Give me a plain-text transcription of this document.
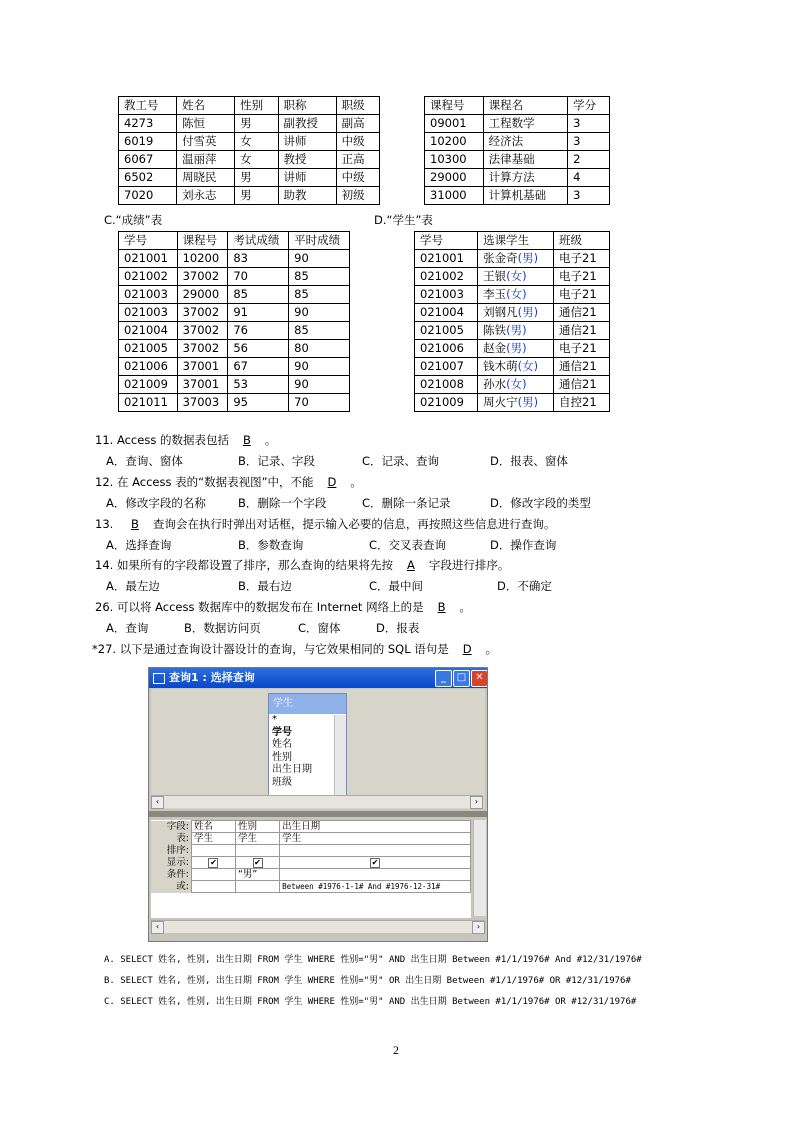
教工号	姓名	性别	职称	职级
4273	陈恒	男	副教授	副高
6019	付雪英	女	讲师	中级
6067	温丽萍	女	教授	正高
6502	周晓民	男	讲师	中级
7020	刘永志	男	助教	初级
课程号	课程名	学分
09001	工程数学	3
10200	经济法	3
10300	法律基础	2
29000	计算方法	4
31000	计算机基础	3
C.“成绩”表	D.“学生”表
学号	课程号	考试成绩	平时成绩
021001	10200	83	90
021002	37002	70	85
021003	29000	85	85
021003	37002	91	90
021004	37002	76	85
021005	37002	56	80
021006	37001	67	90
021009	37001	53	90
021011	37003	95	70
学号	选课学生	班级
021001	张金奇(男)	电子21
021002	王银(女)	电子21
021003	李玉(女)	电子21
021004	刘钢凡(男)	通信21
021005	陈铁(男)	通信21
021006	赵金(男)	电子21
021007	钱木萌(女)	通信21
021008	孙水(女)	通信21
021009	周火宁(男)	自控21
11. Access 的数据表包括 B 。
A．查询、窗体	B．记录、字段	C．记录、查询	D．报表、窗体
12. 在 Access 表的“数据表视图”中，不能 D 。
A．修改字段的名称	B．删除一个字段	C．删除一条记录	D．修改字段的类型
13. B 查询会在执行时弹出对话框，提示输入必要的信息，再按照这些信息进行查询。
A．选择查询	B．参数查询	C．交叉表查询	D．操作查询
14. 如果所有的字段都设置了排序，那么查询的结果将先按 A 字段进行排序。
A．最左边	B．最右边	C．最中间	D．不确定
26. 可以将 Access 数据库中的数据发布在 Internet 网络上的是 B 。
A．查询	B．数据访问页	C．窗体	D．报表
*27. 以下是通过查询设计器设计的查询，与它效果相同的 SQL 语句是 D 。
查询1 : 选择查询	_	□ ✕
学生
*
学号
姓名
性别
出生日期
班级
‹	›
字段:	姓名	性别	出生日期
表:	学生	学生	学生
排序:			
显示:	✔	✔	✔
条件:		“男”	
或:			Between #1976-1-1# And #1976-12-31#
‹	›
A. SELECT 姓名, 性别, 出生日期 FROM 学生 WHERE 性别="男" AND 出生日期 Between #1/1/1976# And #12/31/1976#
B. SELECT 姓名, 性别, 出生日期 FROM 学生 WHERE 性别="男" OR 出生日期 Between #1/1/1976# OR #12/31/1976#
C. SELECT 姓名, 性别, 出生日期 FROM 学生 WHERE 性别="男" AND 出生日期 Between #1/1/1976# OR #12/31/1976#
2
